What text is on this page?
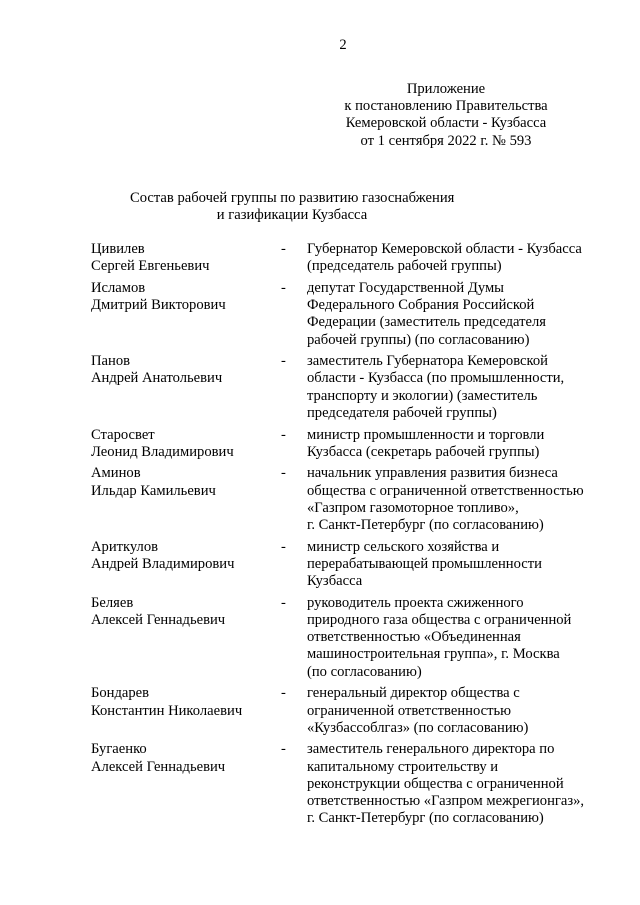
2
Приложение
к постановлению Правительства
Кемеровской области - Кузбасса
от 1 сентября 2022 г. № 593
Состав рабочей группы по развитию газоснабжения
и газификации Кузбасса
Цивилев
Сергей Евгеньевич
-	Губернатор Кемеровской области - Кузбасса
(председатель рабочей группы)
Исламов
Дмитрий Викторович
-	депутат Государственной Думы
Федерального Собрания Российской
Федерации (заместитель председателя
рабочей группы) (по согласованию)
Панов
Андрей Анатольевич
-	заместитель Губернатора Кемеровской
области - Кузбасса (по промышленности,
транспорту и экологии) (заместитель
председателя рабочей группы)
Старосвет
Леонид Владимирович
-	министр промышленности и торговли
Кузбасса (секретарь рабочей группы)
Аминов
Ильдар Камильевич
-	начальник управления развития бизнеса
общества с ограниченной ответственностью
«Газпром газомоторное топливо»,
г. Санкт-Петербург (по согласованию)
Ариткулов
Андрей Владимирович
-	министр сельского хозяйства и
перерабатывающей промышленности
Кузбасса
Беляев
Алексей Геннадьевич
-	руководитель проекта сжиженного
природного газа общества с ограниченной
ответственностью «Объединенная
машиностроительная группа», г. Москва
(по согласованию)
Бондарев
Константин Николаевич
-	генеральный директор общества с
ограниченной ответственностью
«Кузбассоблгаз» (по согласованию)
Бугаенко
Алексей Геннадьевич
-	заместитель генерального директора по
капитальному строительству и
реконструкции общества с ограниченной
ответственностью «Газпром межрегионгаз»,
г. Санкт-Петербург (по согласованию)
